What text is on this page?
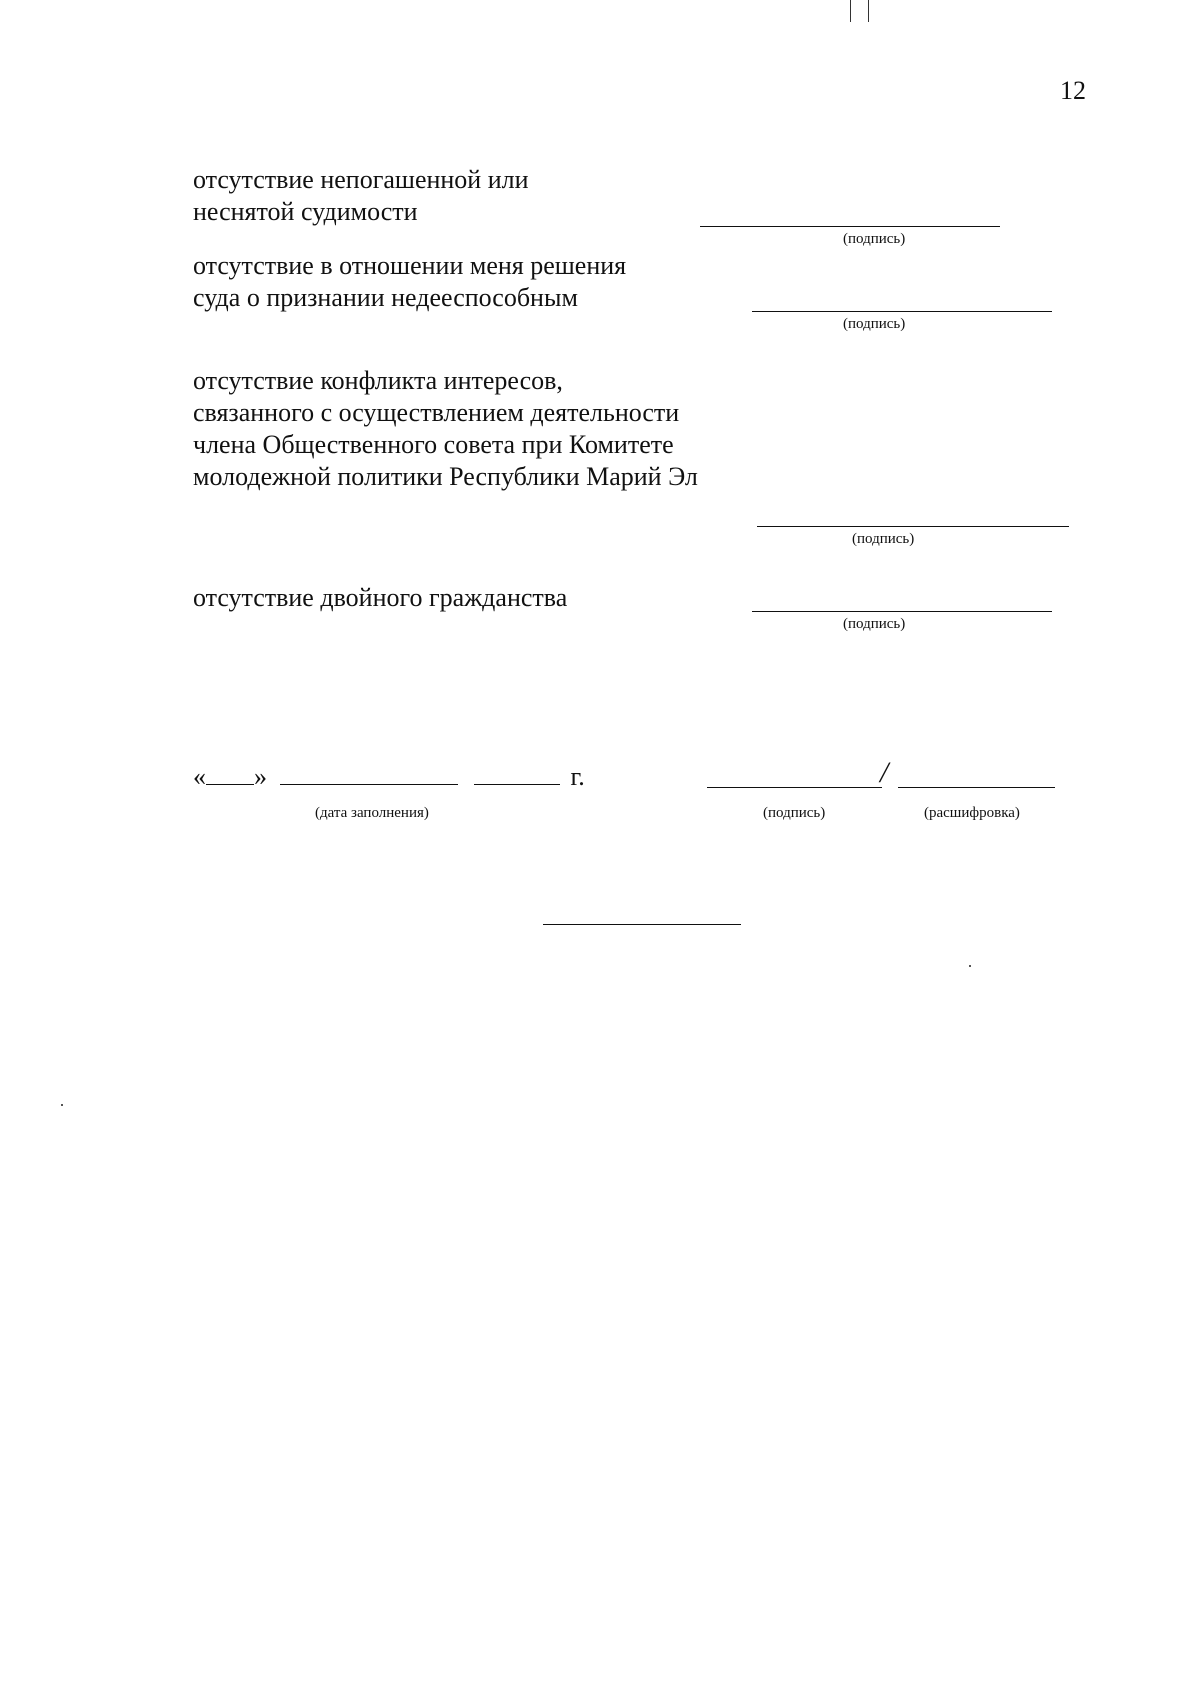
12
отсутствие непогашенной или
неснятой судимости
(подпись)
отсутствие в отношении меня решения
суда о признании недееспособным
(подпись)
отсутствие конфликта интересов,
связанного с осуществлением деятельности
члена Общественного совета при Комитете
молодежной политики Республики Марий Эл
(подпись)
отсутствие двойного гражданства
(подпись)
« »	г.
(дата заполнения)
/
(подпись)	(расшифровка)
